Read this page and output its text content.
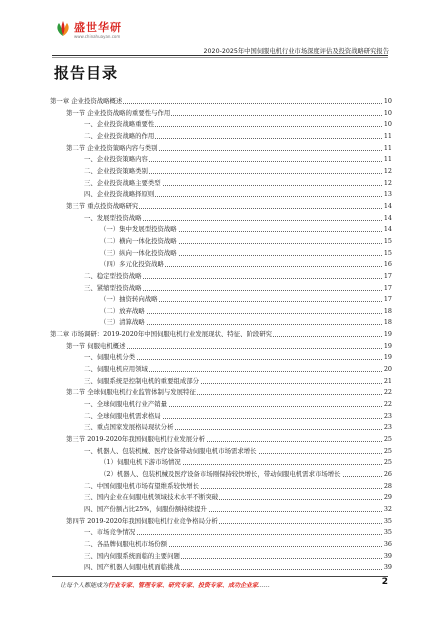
盛世华研
www.chinahuayan.com
2020-2025年中国伺服电机行业市场深度评估及投资战略研究报告
报告目录
第一章 企业投资战略概述	10
第一节 企业投资战略的重要性与作用	10
一、企业投资战略重要性	10
二、企业投资战略的作用	11
第二节 企业投资策略内容与类别	11
一、企业投资策略内容	11
二、企业投资策略类别	12
三、企业投资战略主要类型	12
四、企业投资战略择原则	13
第三节 重点投资战略研究	14
一、发展型投资战略	14
（一）集中发展型投资战略	14
（二）横向一体化投资战略	15
（三）纵向一体化投资战略	15
（四）多元化投资战略	16
二、稳定型投资战略	17
三、紧缩型投资战略	17
（一）抽资转向战略	17
（二）放弃战略	18
（三）清算战略	18
第二章 市场调研：2019-2020年中国伺服电机行业发展现状、特征、阶段研究	19
第一节 伺服电机概述	19
一、伺服电机分类	19
二、伺服电机应用领域	20
三、伺服系统是控制电机的重要组成部分	21
第二节 全球伺服电机行业监管体制与发展特征	22
一、全球伺服电机行业产销量	22
二、全球伺服电机需求格局	23
三、重点国家发展格局现状分析	23
第三节 2019-2020年我国伺服电机行业发展分析	25
一、机器人、包装机械、医疗设备带动伺服电机市场需求增长	25
（1）伺服电机下游市场情况	25
（2）机器人、包装机械及医疗设备市场刚保持较快增长，带动伺服电机需求市场增长	26
二、中国伺服电机市场有望维系较快增长	28
三、国内企业在伺服电机领域技术水平不断突破	29
四、国产份额占比25%，伺服份额持续提升	32
第四节 2019-2020年我国伺服电机行业竞争格局分析	35
一、市场竞争情况	35
二、各品牌伺服电机市场份额	36
三、国内伺服系统面临的主要问题	39
四、国产机器人伺服电机面临挑战	39
让每个人都能成为行业专家、管理专家、研究专家、投资专家、成功企业家……	2
